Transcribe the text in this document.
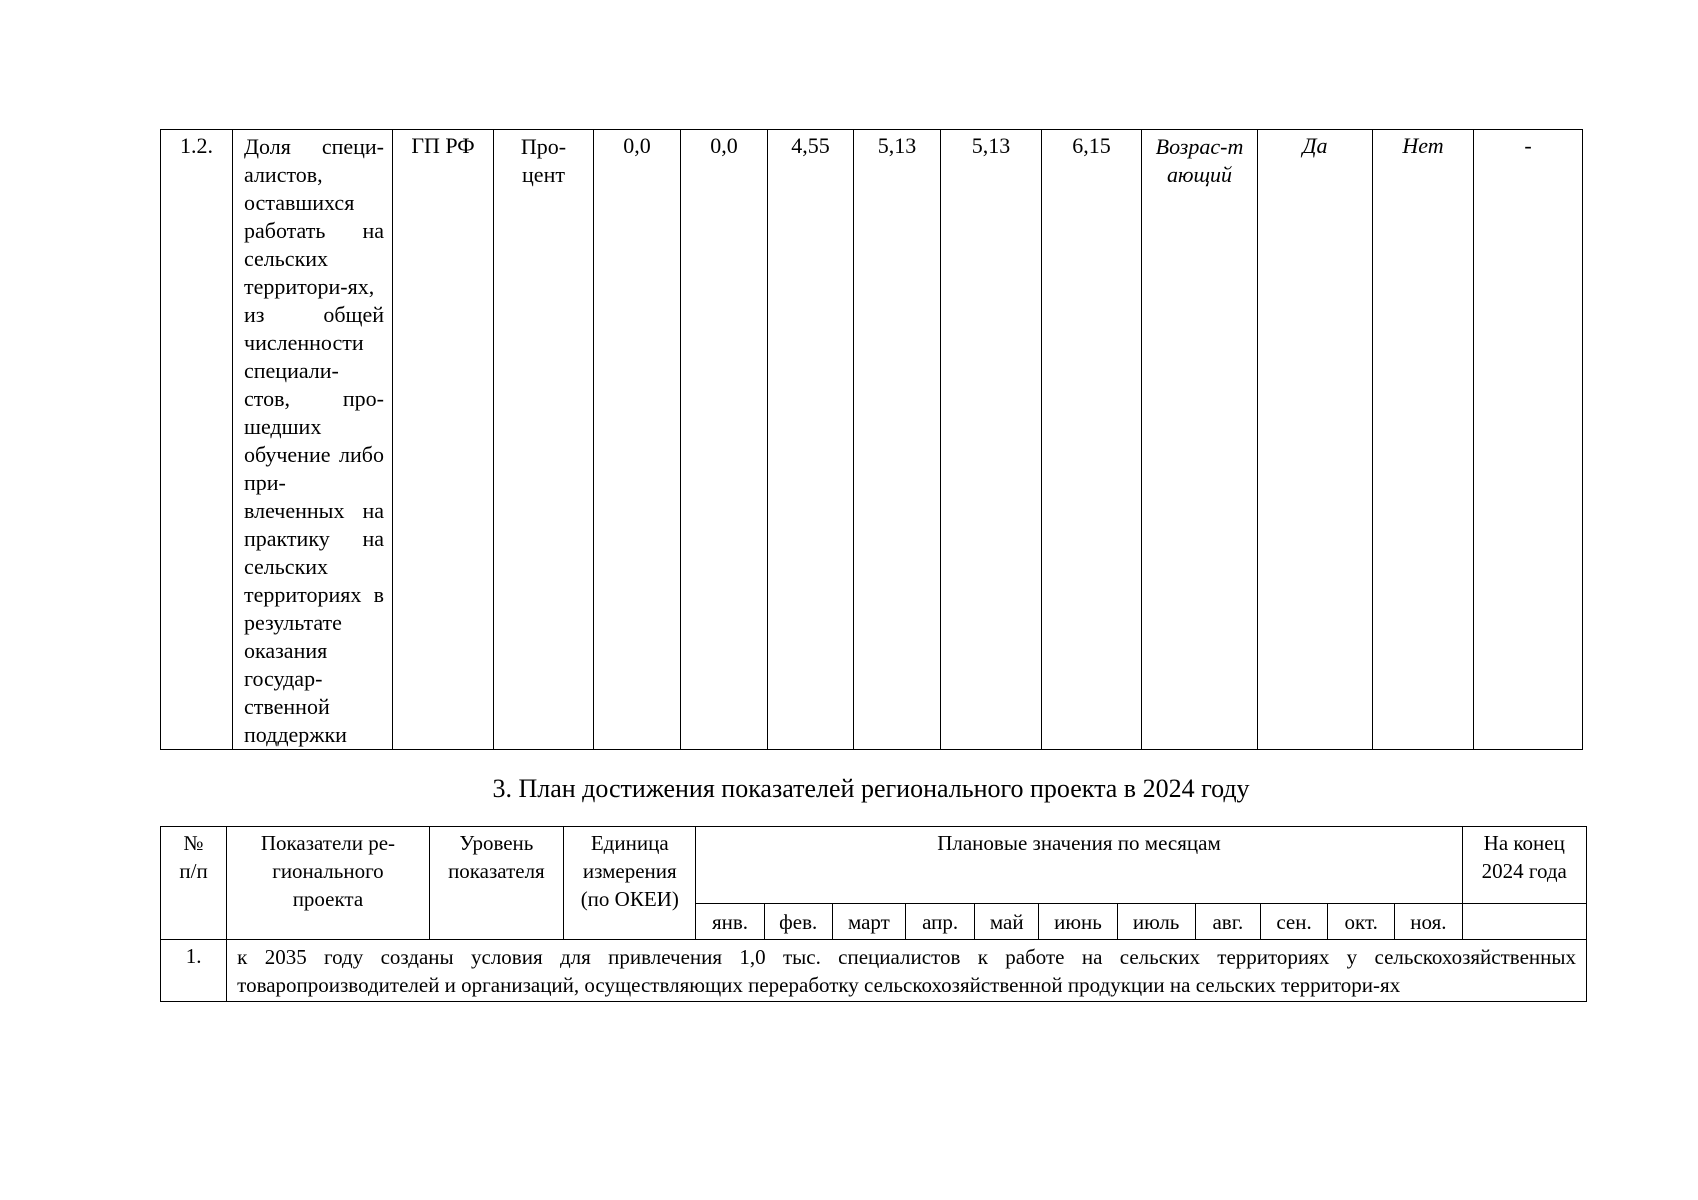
1.2.	Доля специ-алистов, оставшихся работать на сельских территори-ях, из общей численности специали-стов, про-шедших обучение либо при-влеченных на практику на сельских территориях в результате оказания государ-ственной поддержки	ГП РФ	Про-цент	0,0	0,0	4,55	5,13	5,13	6,15	Возрас-тающий	Да	Нет	-
3. План достижения показателей регионального проекта в 2024 году
№ п/п	Показатели ре-гионального проекта	Уровень показателя	Единица измерения (по ОКЕИ)	Плановые значения по месяцам											На конец 2024 года
				янв.	фев.	март	апр.	май	июнь	июль	авг.	сен.	окт.	ноя.	
1.	к 2035 году созданы условия для привлечения 1,0 тыс. специалистов к работе на сельских территориях у сельскохозяйственных товаропроизводителей и организаций, осуществляющих переработку сельскохозяйственной продукции на сельских территори-ях														
